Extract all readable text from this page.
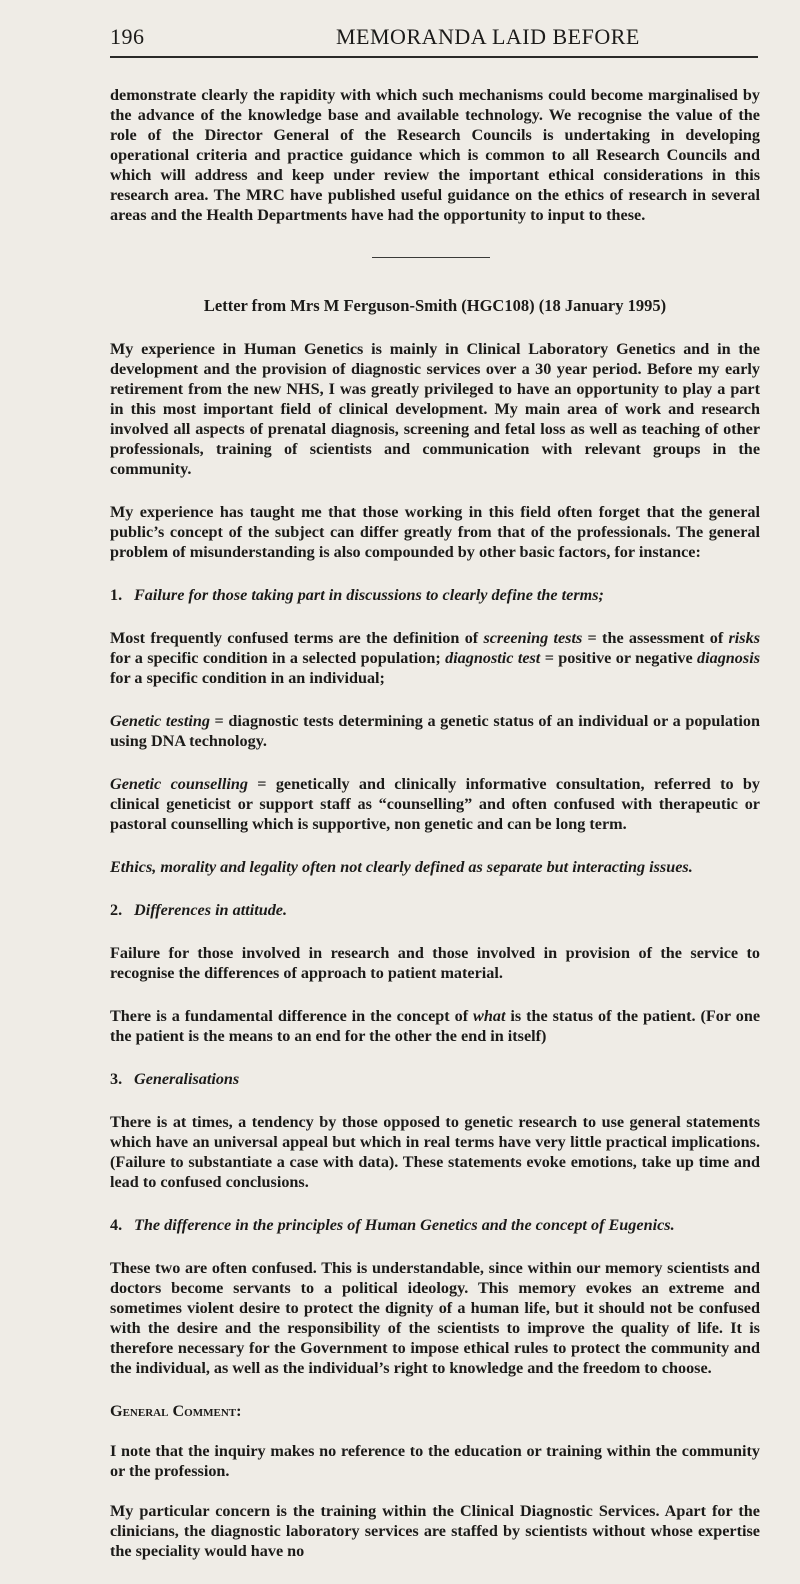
196	MEMORANDA LAID BEFORE

demonstrate clearly the rapidity with which such mechanisms could become marginalised by the advance of the knowledge base and available technology. We recognise the value of the role of the Director General of the Research Councils is undertaking in developing operational criteria and practice guidance which is common to all Research Councils and which will address and keep under review the important ethical considerations in this research area. The MRC have published useful guidance on the ethics of research in several areas and the Health Departments have had the opportunity to input to these.

Letter from Mrs M Ferguson-Smith (HGC108) (18 January 1995)

My experience in Human Genetics is mainly in Clinical Laboratory Genetics and in the development and the provision of diagnostic services over a 30 year period. Before my early retirement from the new NHS, I was greatly privileged to have an opportunity to play a part in this most important field of clinical development. My main area of work and research involved all aspects of prenatal diagnosis, screening and fetal loss as well as teaching of other professionals, training of scientists and communication with relevant groups in the community.

My experience has taught me that those working in this field often forget that the general public’s concept of the subject can differ greatly from that of the professionals. The general problem of misunderstanding is also compounded by other basic factors, for instance:

1. Failure for those taking part in discussions to clearly define the terms;

Most frequently confused terms are the definition of screening tests = the assessment of risks for a specific condition in a selected population; diagnostic test = positive or negative diagnosis for a specific condition in an individual;

Genetic testing = diagnostic tests determining a genetic status of an individual or a population using DNA technology.

Genetic counselling = genetically and clinically informative consultation, referred to by clinical geneticist or support staff as “counselling” and often confused with therapeutic or pastoral counselling which is supportive, non genetic and can be long term.

Ethics, morality and legality often not clearly defined as separate but interacting issues.

2. Differences in attitude.

Failure for those involved in research and those involved in provision of the service to recognise the differences of approach to patient material.

There is a fundamental difference in the concept of what is the status of the patient. (For one the patient is the means to an end for the other the end in itself)

3. Generalisations

There is at times, a tendency by those opposed to genetic research to use general statements which have an universal appeal but which in real terms have very little practical implications. (Failure to substantiate a case with data). These statements evoke emotions, take up time and lead to confused conclusions.

4. The difference in the principles of Human Genetics and the concept of Eugenics.

These two are often confused. This is understandable, since within our memory scientists and doctors become servants to a political ideology. This memory evokes an extreme and sometimes violent desire to protect the dignity of a human life, but it should not be confused with the desire and the responsibility of the scientists to improve the quality of life. It is therefore necessary for the Government to impose ethical rules to protect the community and the individual, as well as the individual’s right to knowledge and the freedom to choose.

General Comment:

I note that the inquiry makes no reference to the education or training within the community or the profession.

My particular concern is the training within the Clinical Diagnostic Services. Apart for the clinicians, the diagnostic laboratory services are staffed by scientists without whose expertise the speciality would have no
